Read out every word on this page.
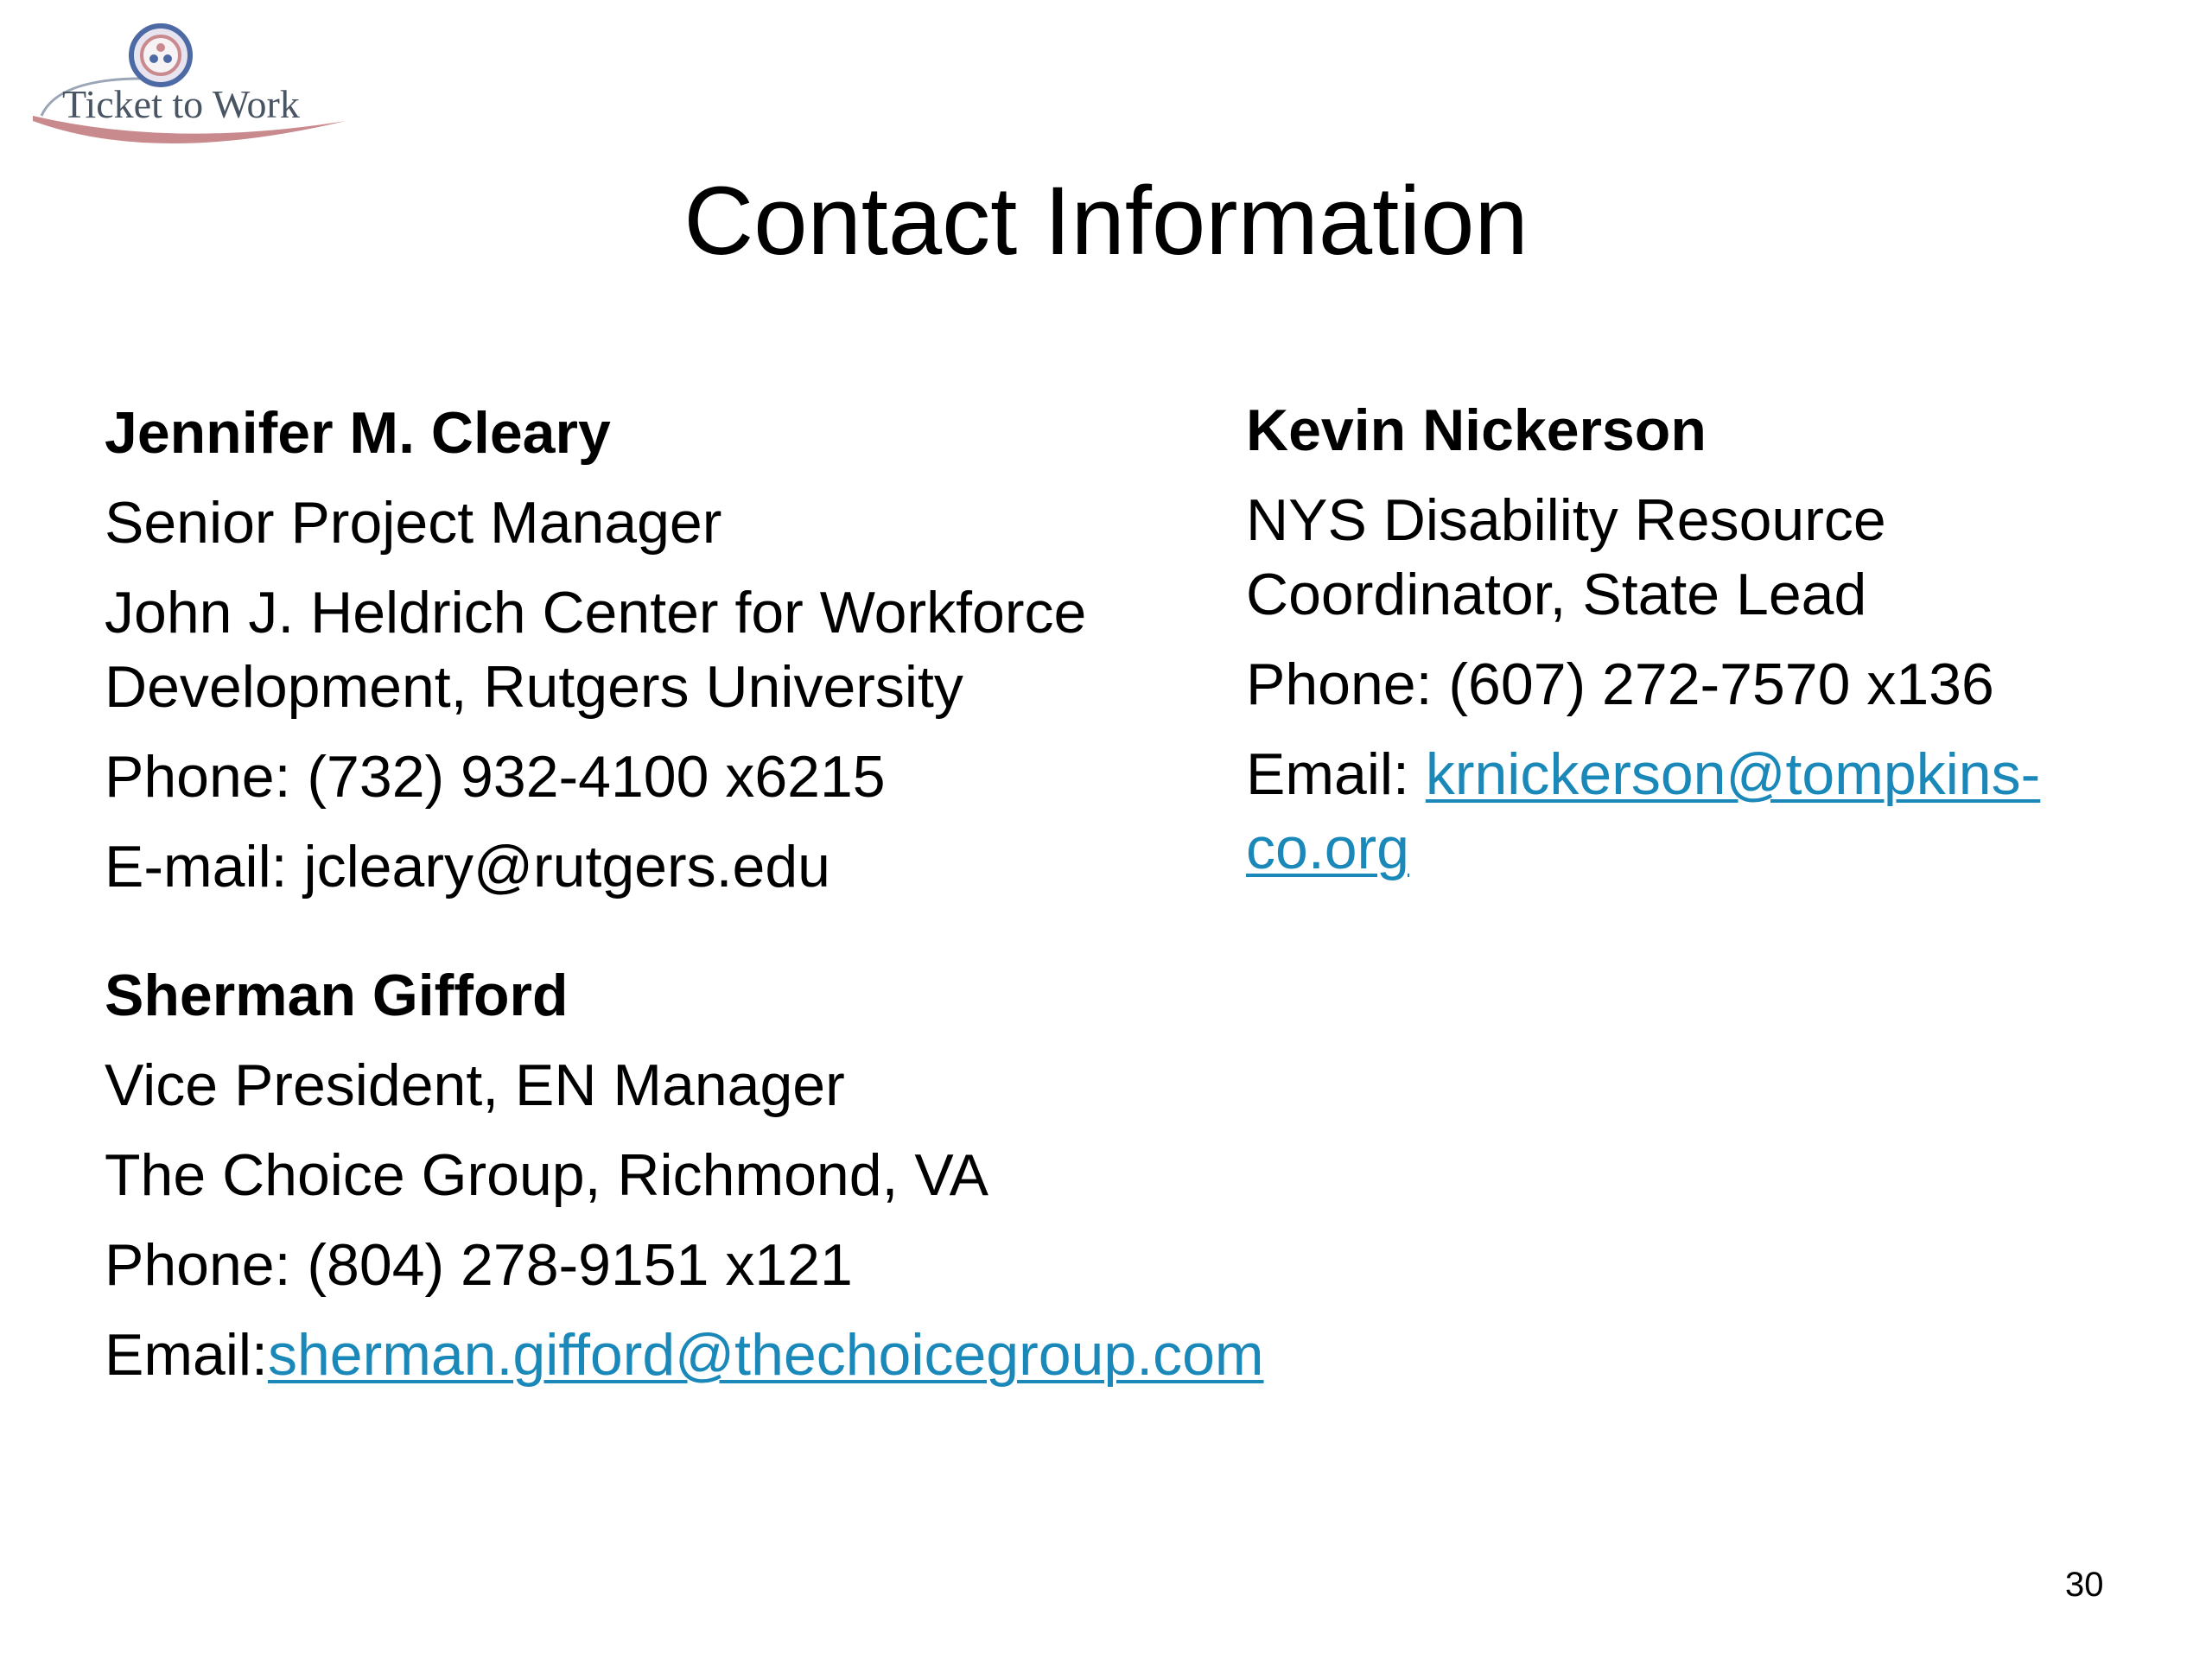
Ticket to Work
Contact Information
Jennifer M. Cleary
Senior Project Manager
John J. Heldrich Center for Workforce Development, Rutgers University
Phone: (732) 932-4100 x6215
E-mail: jcleary@rutgers.edu
Sherman Gifford
Vice President, EN Manager
The Choice Group, Richmond, VA
Phone: (804) 278-9151 x121
Email:sherman.gifford@thechoicegroup.com
Kevin Nickerson
NYS Disability Resource Coordinator, State Lead
Phone: (607) 272-7570 x136
Email: krnickerson@tompkins-co.org
30
